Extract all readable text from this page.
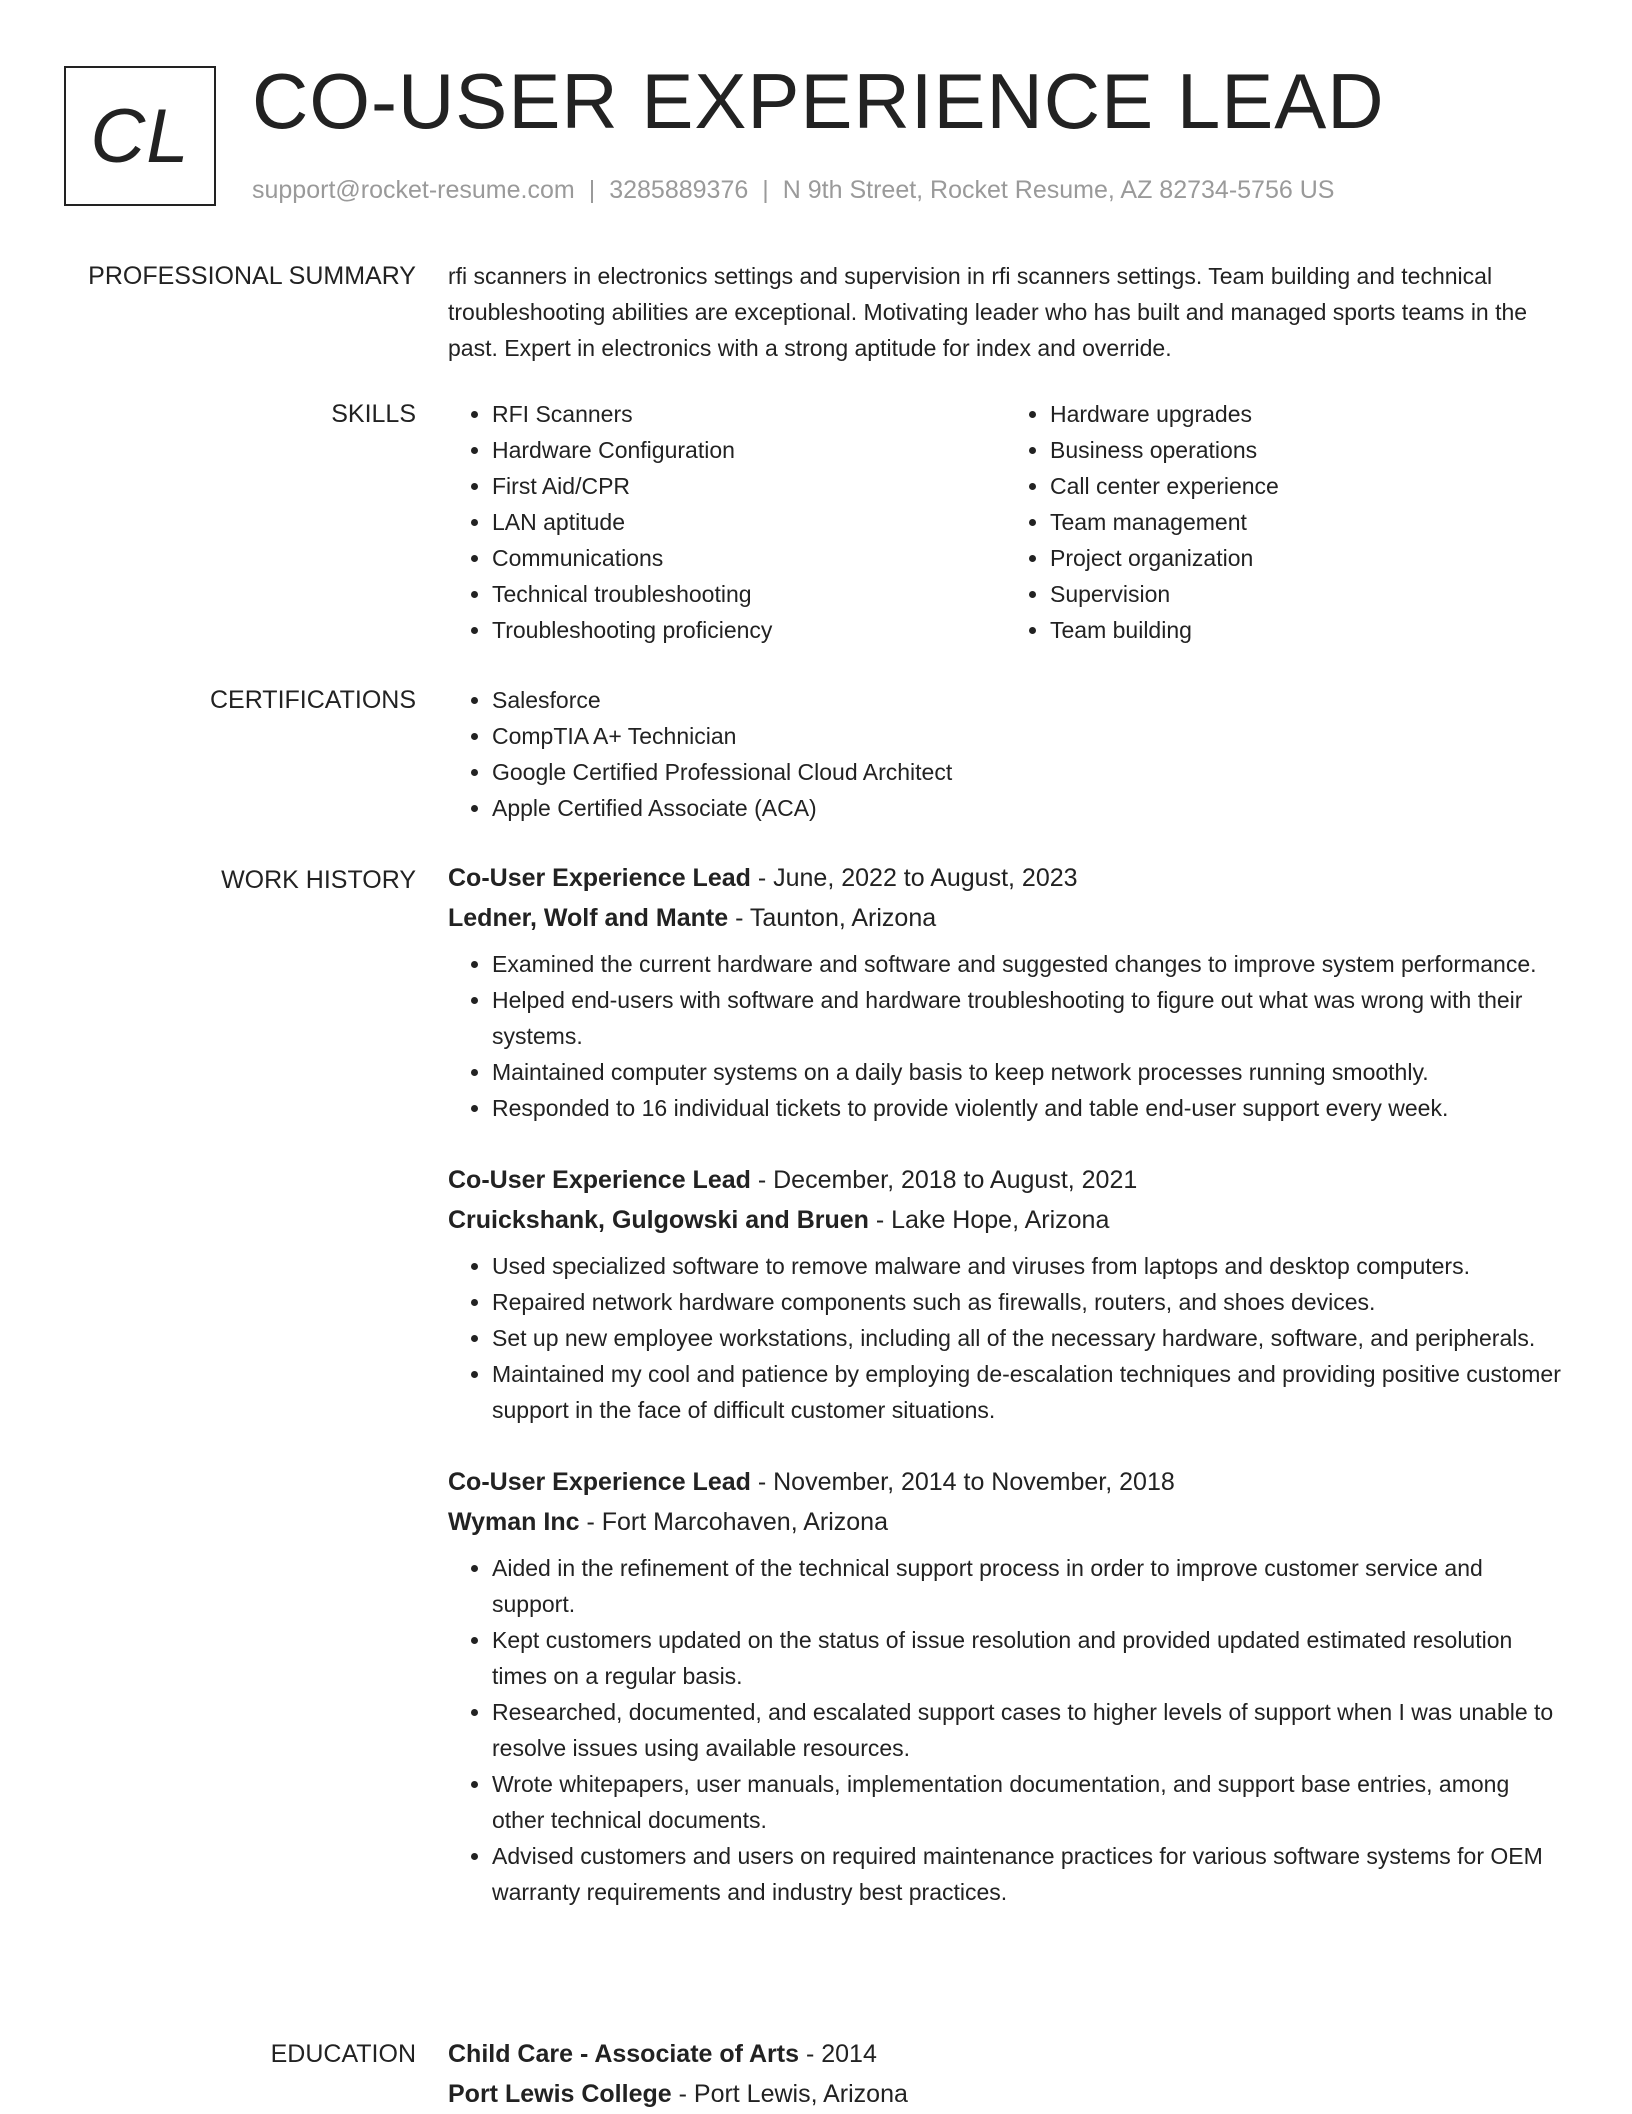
CL CO-USER EXPERIENCE LEAD
support@rocket-resume.com | 3285889376 | N 9th Street, Rocket Resume, AZ 82734-5756 US
PROFESSIONAL SUMMARY rfi scanners in electronics settings and supervision in rfi scanners settings. Team building and technical troubleshooting abilities are exceptional. Motivating leader who has built and managed sports teams in the past. Expert in electronics with a strong aptitude for index and override.
SKILLS	• RFI Scanners
• Hardware Configuration
• First Aid/CPR
• LAN aptitude
• Communications
• Technical troubleshooting
• Troubleshooting proficiency
• Hardware upgrades
• Business operations
• Call center experience
• Team management
• Project organization
• Supervision
• Team building
CERTIFICATIONS	• Salesforce
• CompTIA A+ Technician
• Google Certified Professional Cloud Architect
• Apple Certified Associate (ACA)
WORK HISTORY Co-User Experience Lead - June, 2022 to August, 2023
Ledner, Wolf and Mante - Taunton, Arizona
• Examined the current hardware and software and suggested changes to improve system performance.
• Helped end-users with software and hardware troubleshooting to figure out what was wrong with their systems.
• Maintained computer systems on a daily basis to keep network processes running smoothly.
• Responded to 16 individual tickets to provide violently and table end-user support every week.
Co-User Experience Lead - December, 2018 to August, 2021
Cruickshank, Gulgowski and Bruen - Lake Hope, Arizona
• Used specialized software to remove malware and viruses from laptops and desktop computers.
• Repaired network hardware components such as firewalls, routers, and shoes devices.
• Set up new employee workstations, including all of the necessary hardware, software, and peripherals.
• Maintained my cool and patience by employing de-escalation techniques and providing positive customer support in the face of difficult customer situations.
Co-User Experience Lead - November, 2014 to November, 2018
Wyman Inc - Fort Marcohaven, Arizona
• Aided in the refinement of the technical support process in order to improve customer service and support.
• Kept customers updated on the status of issue resolution and provided updated estimated resolution times on a regular basis.
• Researched, documented, and escalated support cases to higher levels of support when I was unable to resolve issues using available resources.
• Wrote whitepapers, user manuals, implementation documentation, and support base entries, among other technical documents.
• Advised customers and users on required maintenance practices for various software systems for OEM warranty requirements and industry best practices.
EDUCATION Child Care - Associate of Arts - 2014
Port Lewis College - Port Lewis, Arizona
